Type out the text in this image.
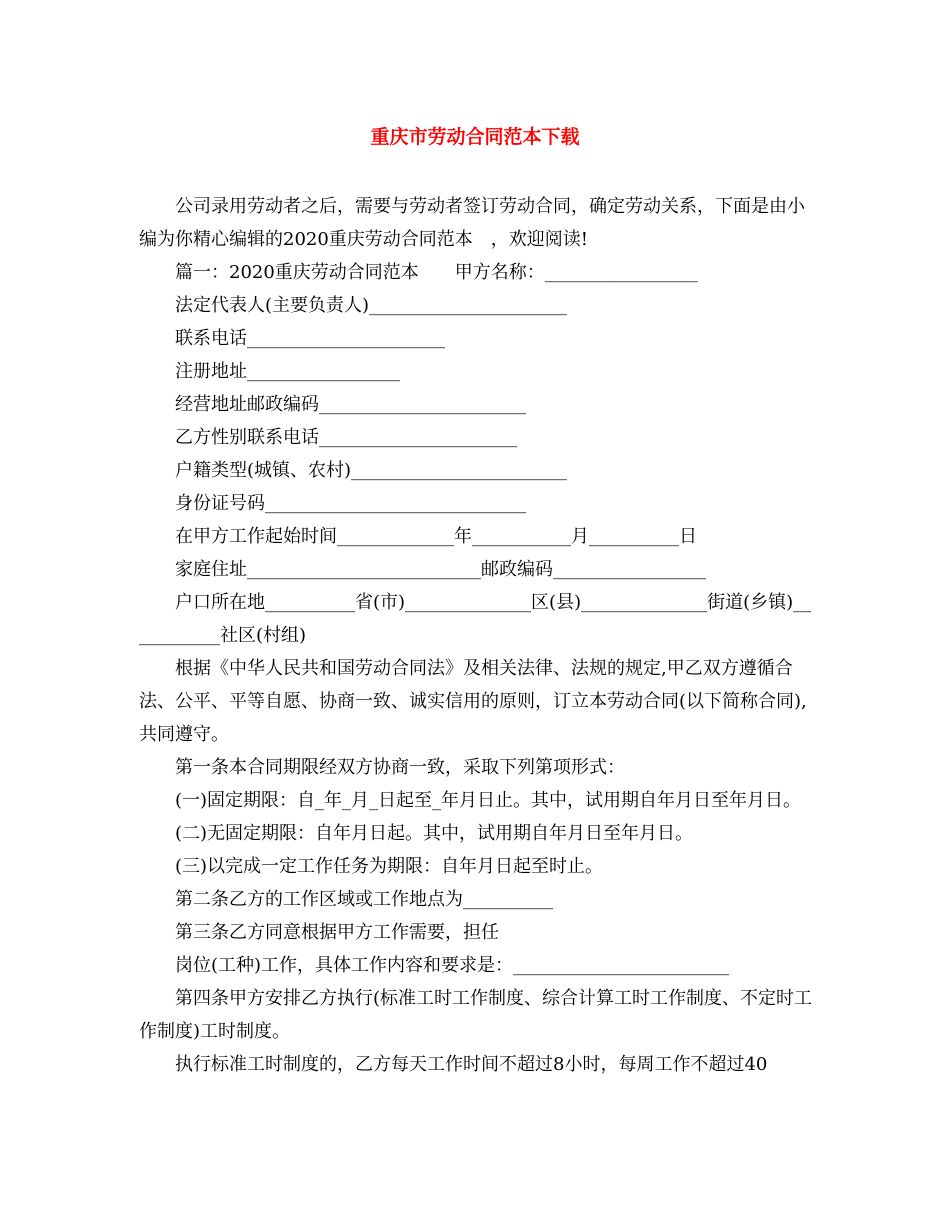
重庆市劳动合同范本下载

公司录用劳动者之后，需要与劳动者签订劳动合同，确定劳动关系，下面是由小编为你精心编辑的2020重庆劳动合同范本　，欢迎阅读!

篇一：2020重庆劳动合同范本　　甲方名称：_________________

法定代表人(主要负责人)______________________

联系电话______________________

注册地址_________________

经营地址邮政编码_______________________

乙方性别联系电话______________________

户籍类型(城镇、农村)________________________

身份证号码_____________________________

在甲方工作起始时间_____________年___________月__________日

家庭住址__________________________邮政编码_________________

户口所在地__________省(市)______________区(县)______________街道(乡镇)___________社区(村组)

根据《中华人民共和国劳动合同法》及相关法律、法规的规定,甲乙双方遵循合法、公平、平等自愿、协商一致、诚实信用的原则，订立本劳动合同(以下简称合同),共同遵守。

第一条本合同期限经双方协商一致，采取下列第项形式：

(一)固定期限：自_年_月_日起至_年月日止。其中，试用期自年月日至年月日。

(二)无固定期限：自年月日起。其中，试用期自年月日至年月日。

(三)以完成一定工作任务为期限：自年月日起至时止。

第二条乙方的工作区域或工作地点为__________

第三条乙方同意根据甲方工作需要，担任

岗位(工种)工作，具体工作内容和要求是：________________________

第四条甲方安排乙方执行(标准工时工作制度、综合计算工时工作制度、不定时工作制度)工时制度。

执行标准工时制度的，乙方每天工作时间不超过8小时，每周工作不超过40
